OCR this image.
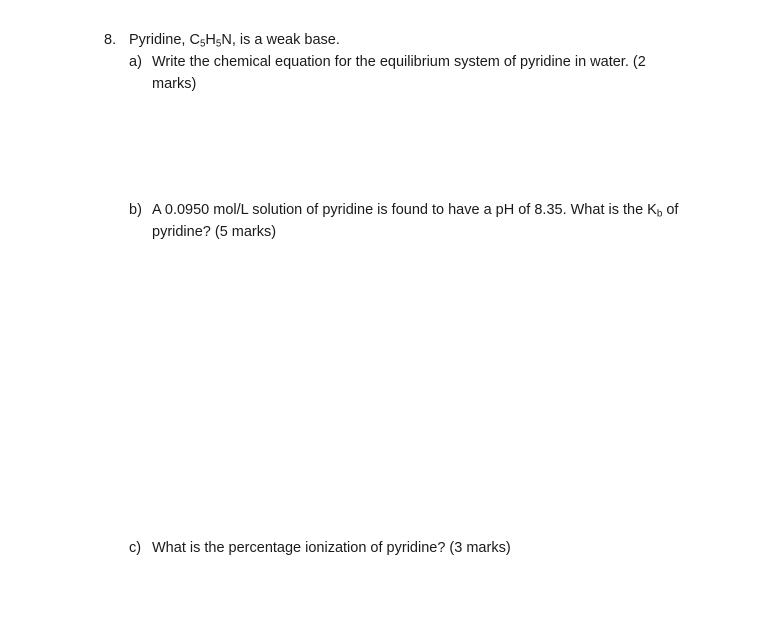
8. Pyridine, $C_5H_5N$, is a weak base.
a) Write the chemical equation for the equilibrium system of pyridine in water. (2 marks)
b) A 0.0950 mol/L solution of pyridine is found to have a pH of 8.35. What is the $K_b$ of pyridine? (5 marks)
c) What is the percentage ionization of pyridine? (3 marks)
